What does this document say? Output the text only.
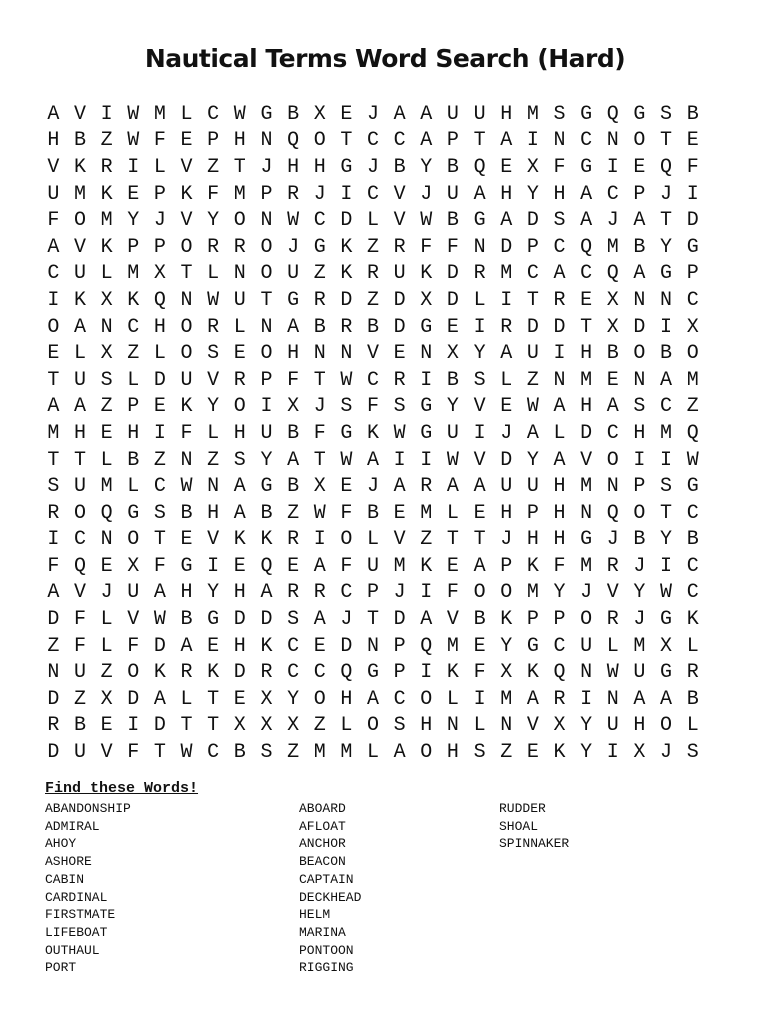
Nautical Terms Word Search (Hard)
A V I W M L C W G B X E J A A U U H M S G Q G S B
H B Z W F E P H N Q O T C C A P T A I N C N O T E
V K R I L V Z T J H H G J B Y B Q E X F G I E Q F
U M K E P K F M P R J I C V J U A H Y H A C P J I
F O M Y J V Y O N W C D L V W B G A D S A J A T D
A V K P P O R R O J G K Z R F F N D P C Q M B Y G
C U L M X T L N O U Z K R U K D R M C A C Q A G P
I K X K Q N W U T G R D Z D X D L I T R E X N N C
O A N C H O R L N A B R B D G E I R D D T X D I X
E L X Z L O S E O H N N V E N X Y A U I H B O B O
T U S L D U V R P F T W C R I B S L Z N M E N A M
A A Z P E K Y O I X J S F S G Y V E W A H A S C Z
M H E H I F L H U B F G K W G U I J A L D C H M Q
T T L B Z N Z S Y A T W A I I W V D Y A V O I I W
S U M L C W N A G B X E J A R A A U U H M N P S G
R O Q G S B H A B Z W F B E M L E H P H N Q O T C
I C N O T E V K K R I O L V Z T T J H H G J B Y B
F Q E X F G I E Q E A F U M K E A P K F M R J I C
A V J U A H Y H A R R C P J I F O O M Y J V Y W C
D F L V W B G D D S A J T D A V B K P P O R J G K
Z F L F D A E H K C E D N P Q M E Y G C U L M X L
N U Z O K R K D R C C Q G P I K F X K Q N W U G R
D Z X D A L T E X Y O H A C O L I M A R I N A A B
R B E I D T T X X X Z L O S H N L N V X Y U H O L
D U V F T W C B S Z M M L A O H S Z E K Y I X J S
Find these Words!
ABANDONSHIP
ADMIRAL
AHOY
ASHORE
CABIN
CARDINAL
FIRSTMATE
LIFEBOAT
OUTHAUL
PORT
ABOARD
AFLOAT
ANCHOR
BEACON
CAPTAIN
DECKHEAD
HELM
MARINA
PONTOON
RIGGING
RUDDER
SHOAL
SPINNAKER
